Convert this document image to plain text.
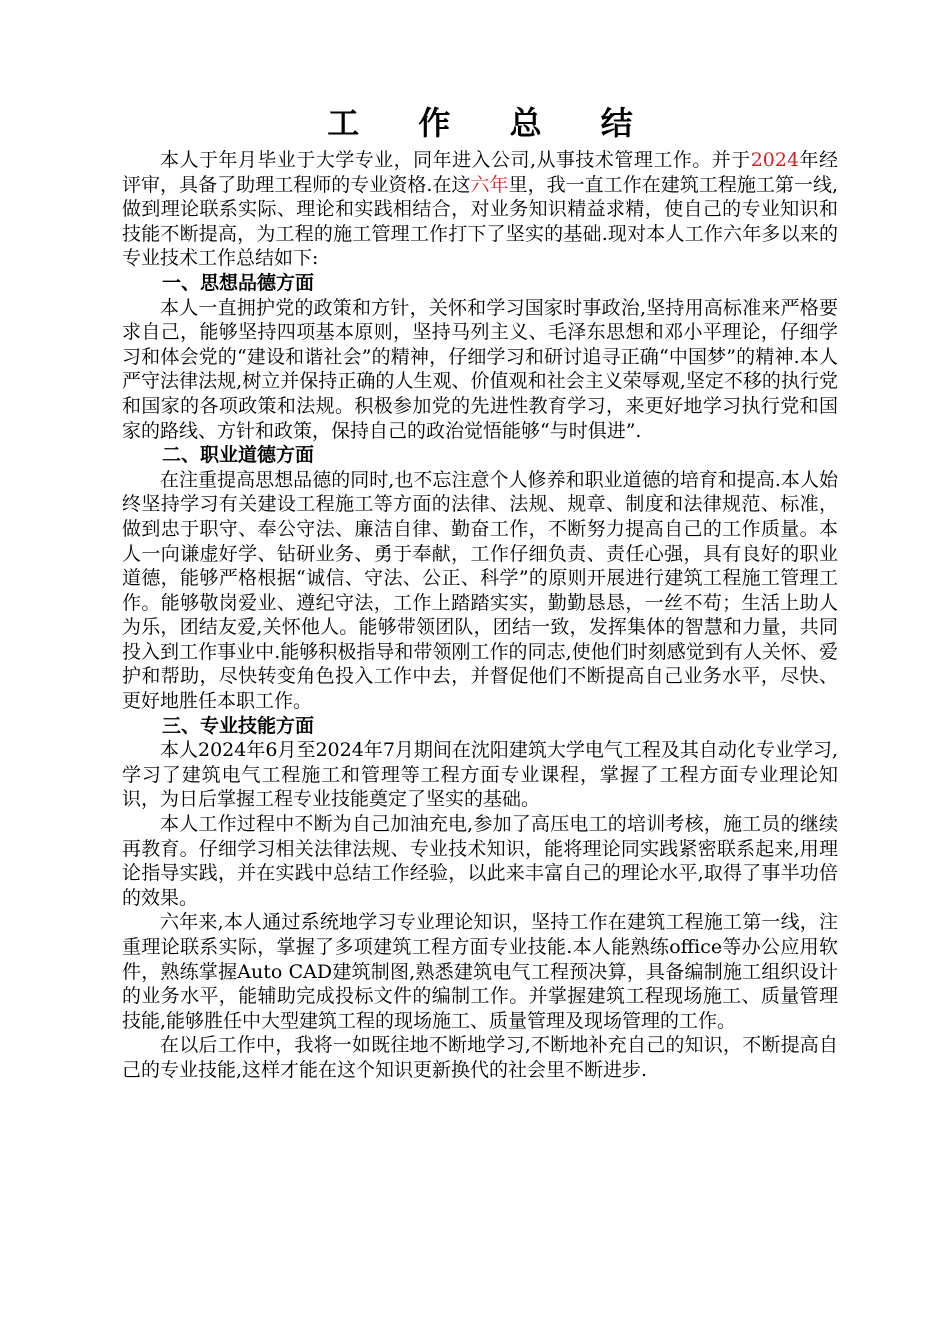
工 作 总 结

本人于年月毕业于大学专业，同年进入公司,从事技术管理工作。并于2024年经评审，具备了助理工程师的专业资格.在这六年里，我一直工作在建筑工程施工第一线,做到理论联系实际、理论和实践相结合，对业务知识精益求精，使自己的专业知识和技能不断提高，为工程的施工管理工作打下了坚实的基础.现对本人工作六年多以来的专业技术工作总结如下:

一、思想品德方面

本人一直拥护党的政策和方针，关怀和学习国家时事政治,坚持用高标准来严格要求自己，能够坚持四项基本原则，坚持马列主义、毛泽东思想和邓小平理论，仔细学习和体会党的“建设和谐社会”的精神，仔细学习和研讨追寻正确“中国梦”的精神.本人严守法律法规,树立并保持正确的人生观、价值观和社会主义荣辱观,坚定不移的执行党和国家的各项政策和法规。积极参加党的先进性教育学习，来更好地学习执行党和国家的路线、方针和政策，保持自己的政治觉悟能够“与时俱进”.

二、职业道德方面

在注重提高思想品德的同时,也不忘注意个人修养和职业道德的培育和提高.本人始终坚持学习有关建设工程施工等方面的法律、法规、规章、制度和法律规范、标准，做到忠于职守、奉公守法、廉洁自律、勤奋工作，不断努力提高自己的工作质量。本人一向谦虚好学、钻研业务、勇于奉献，工作仔细负责、责任心强，具有良好的职业道德，能够严格根据“诚信、守法、公正、科学”的原则开展进行建筑工程施工管理工作。能够敬岗爱业、遵纪守法，工作上踏踏实实，勤勤恳恳，一丝不苟；生活上助人为乐，团结友爱,关怀他人。能够带领团队，团结一致，发挥集体的智慧和力量，共同投入到工作事业中.能够积极指导和带领刚工作的同志,使他们时刻感觉到有人关怀、爱护和帮助，尽快转变角色投入工作中去，并督促他们不断提高自己业务水平，尽快、更好地胜任本职工作。

三、专业技能方面

本人2024年6月至2024年7月期间在沈阳建筑大学电气工程及其自动化专业学习,学习了建筑电气工程施工和管理等工程方面专业课程，掌握了工程方面专业理论知识，为日后掌握工程专业技能奠定了坚实的基础。

本人工作过程中不断为自己加油充电,参加了高压电工的培训考核，施工员的继续再教育。仔细学习相关法律法规、专业技术知识，能将理论同实践紧密联系起来,用理论指导实践，并在实践中总结工作经验，以此来丰富自己的理论水平,取得了事半功倍的效果。

六年来,本人通过系统地学习专业理论知识，坚持工作在建筑工程施工第一线，注重理论联系实际，掌握了多项建筑工程方面专业技能.本人能熟练office等办公应用软件，熟练掌握Auto CAD建筑制图,熟悉建筑电气工程预决算，具备编制施工组织设计的业务水平，能辅助完成投标文件的编制工作。并掌握建筑工程现场施工、质量管理技能,能够胜任中大型建筑工程的现场施工、质量管理及现场管理的工作。

在以后工作中，我将一如既往地不断地学习,不断地补充自己的知识，不断提高自己的专业技能,这样才能在这个知识更新换代的社会里不断进步.
